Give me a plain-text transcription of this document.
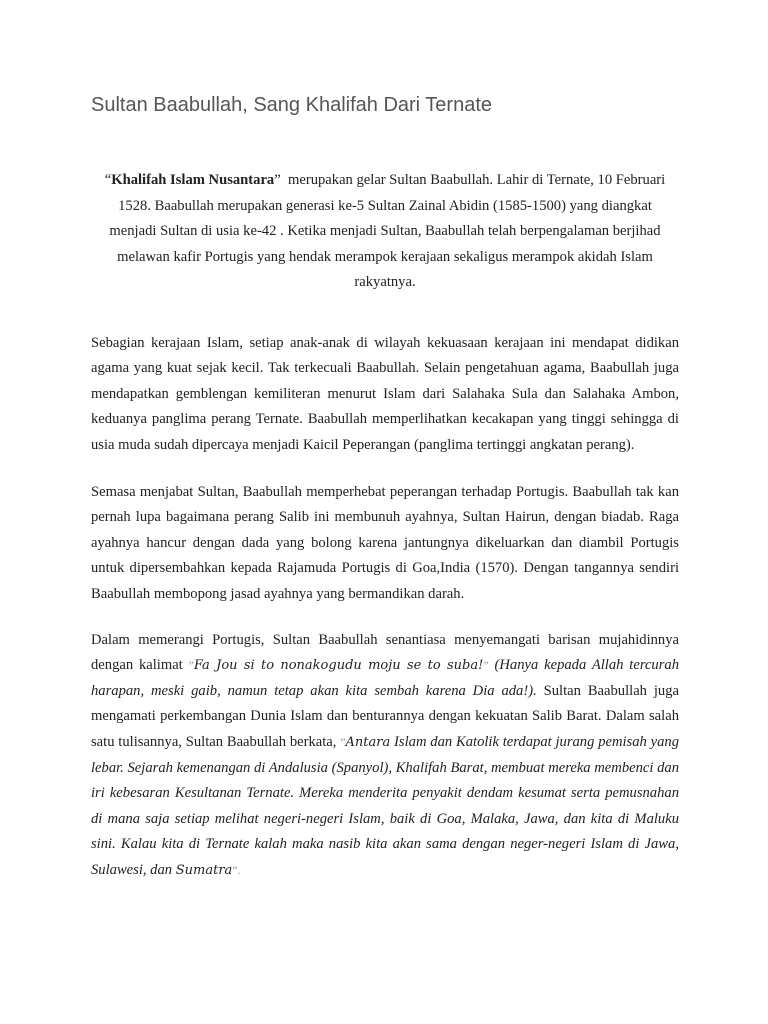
Sultan Baabullah, Sang Khalifah Dari Ternate
“Khalifah Islam Nusantara”  merupakan gelar Sultan Baabullah. Lahir di Ternate, 10 Februari
1528. Baabullah merupakan generasi ke-5 Sultan Zainal Abidin (1585-1500) yang diangkat
menjadi Sultan di usia ke-42 . Ketika menjadi Sultan, Baabullah telah berpengalaman berjihad
melawan kafir Portugis yang hendak merampok kerajaan sekaligus merampok akidah Islam
rakyatnya.

Sebagian kerajaan Islam, setiap anak-anak di wilayah kekuasaan kerajaan ini mendapat didikan agama yang kuat sejak kecil. Tak terkecuali Baabullah. Selain pengetahuan agama, Baabullah juga mendapatkan gemblengan kemiliteran menurut Islam dari Salahaka Sula dan Salahaka Ambon, keduanya panglima perang Ternate. Baabullah memperlihatkan kecakapan yang tinggi sehingga di usia muda sudah dipercaya menjadi Kaicil Peperangan (panglima tertinggi angkatan perang).

Semasa menjabat Sultan, Baabullah memperhebat peperangan terhadap Portugis. Baabullah tak kan pernah lupa bagaimana perang Salib ini membunuh ayahnya, Sultan Hairun, dengan biadab. Raga ayahnya hancur dengan dada yang bolong karena jantungnya dikeluarkan dan diambil Portugis untuk dipersembahkan kepada Rajamuda Portugis di Goa,India (1570). Dengan tangannya sendiri Baabullah membopong jasad ayahnya yang bermandikan darah.

Dalam memerangi Portugis, Sultan Baabullah senantiasa menyemangati barisan mujahidinnya dengan kalimat ”Fa Jou si to nonakogudu moju se to suba!” (Hanya kepada Allah tercurah harapan, meski gaib, namun tetap akan kita sembah karena Dia ada!). Sultan Baabullah juga mengamati perkembangan Dunia Islam dan benturannya dengan kekuatan Salib Barat. Dalam salah satu tulisannya, Sultan Baabullah berkata, ”Antara Islam dan Katolik terdapat jurang pemisah yang lebar. Sejarah kemenangan di Andalusia (Spanyol), Khalifah Barat, membuat mereka membenci dan iri kebesaran Kesultanan Ternate. Mereka menderita penyakit dendam kesumat serta pemusnahan di mana saja setiap melihat negeri-negeri Islam, baik di Goa, Malaka, Jawa, dan kita di Maluku sini. Kalau kita di Ternate kalah maka nasib kita akan sama dengan neger-negeri Islam di Jawa, Sulawesi, dan Sumatra”.
